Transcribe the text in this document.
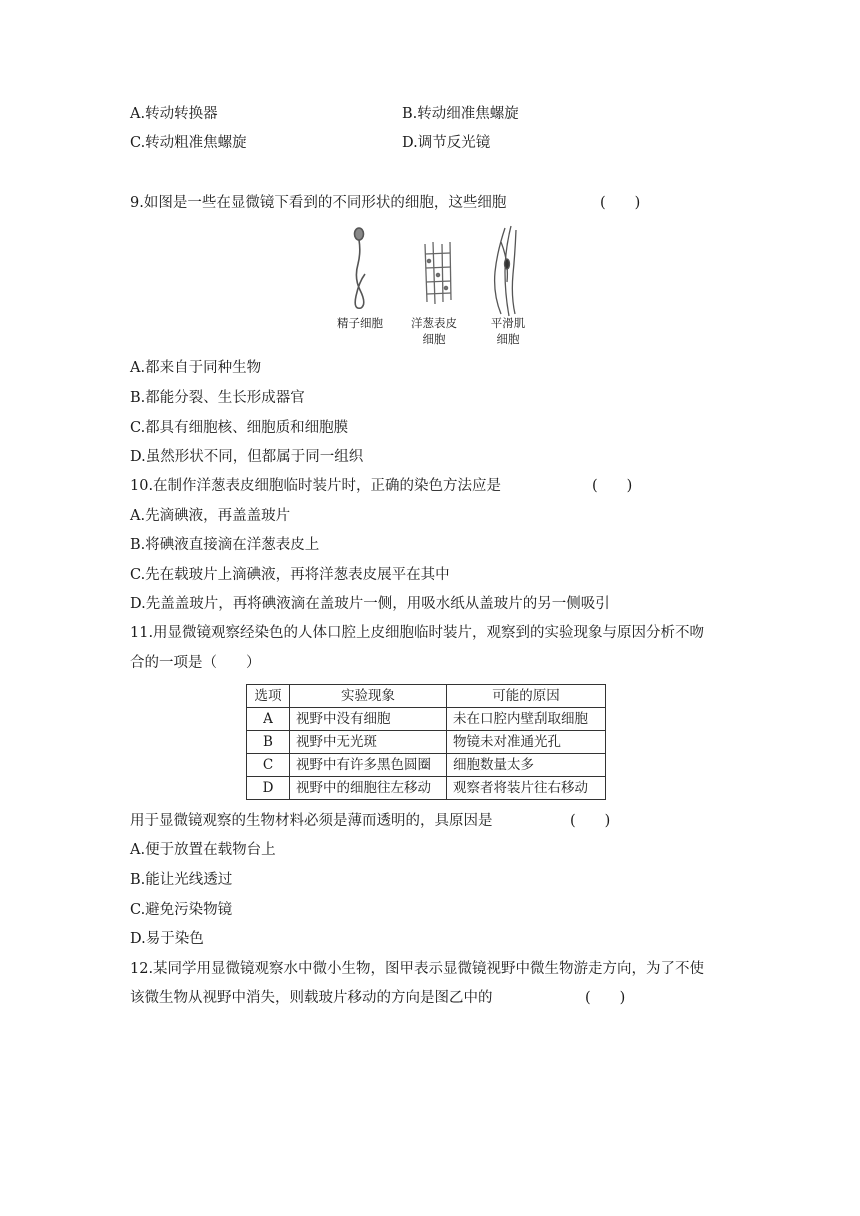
A.转动转换器	B.转动细准焦螺旋
C.转动粗准焦螺旋	D.调节反光镜
9.如图是一些在显微镜下看到的不同形状的细胞，这些细胞	(　　)
精子细胞	洋葱表皮
细胞
平滑肌
细胞
A.都来自于同种生物
B.都能分裂、生长形成器官
C.都具有细胞核、细胞质和细胞膜
D.虽然形状不同，但都属于同一组织
10.在制作洋葱表皮细胞临时装片时，正确的染色方法应是	(　　)
A.先滴碘液，再盖盖玻片
B.将碘液直接滴在洋葱表皮上
C.先在载玻片上滴碘液，再将洋葱表皮展平在其中
D.先盖盖玻片，再将碘液滴在盖玻片一侧，用吸水纸从盖玻片的另一侧吸引
11.用显微镜观察经染色的人体口腔上皮细胞临时装片，观察到的实验现象与原因分析不吻
合的一项是（　　）
选项	实验现象	可能的原因
A	视野中没有细胞	未在口腔内壁刮取细胞
B	视野中无光斑	物镜未对准通光孔
C	视野中有许多黑色圆圈	细胞数量太多
D	视野中的细胞往左移动	观察者将装片往右移动
用于显微镜观察的生物材料必须是薄而透明的，具原因是	(　　)
A.便于放置在载物台上
B.能让光线透过
C.避免污染物镜
D.易于染色
12.某同学用显微镜观察水中微小生物，图甲表示显微镜视野中微生物游走方向，为了不使
该微生物从视野中消失，则载玻片移动的方向是图乙中的	(　　)
